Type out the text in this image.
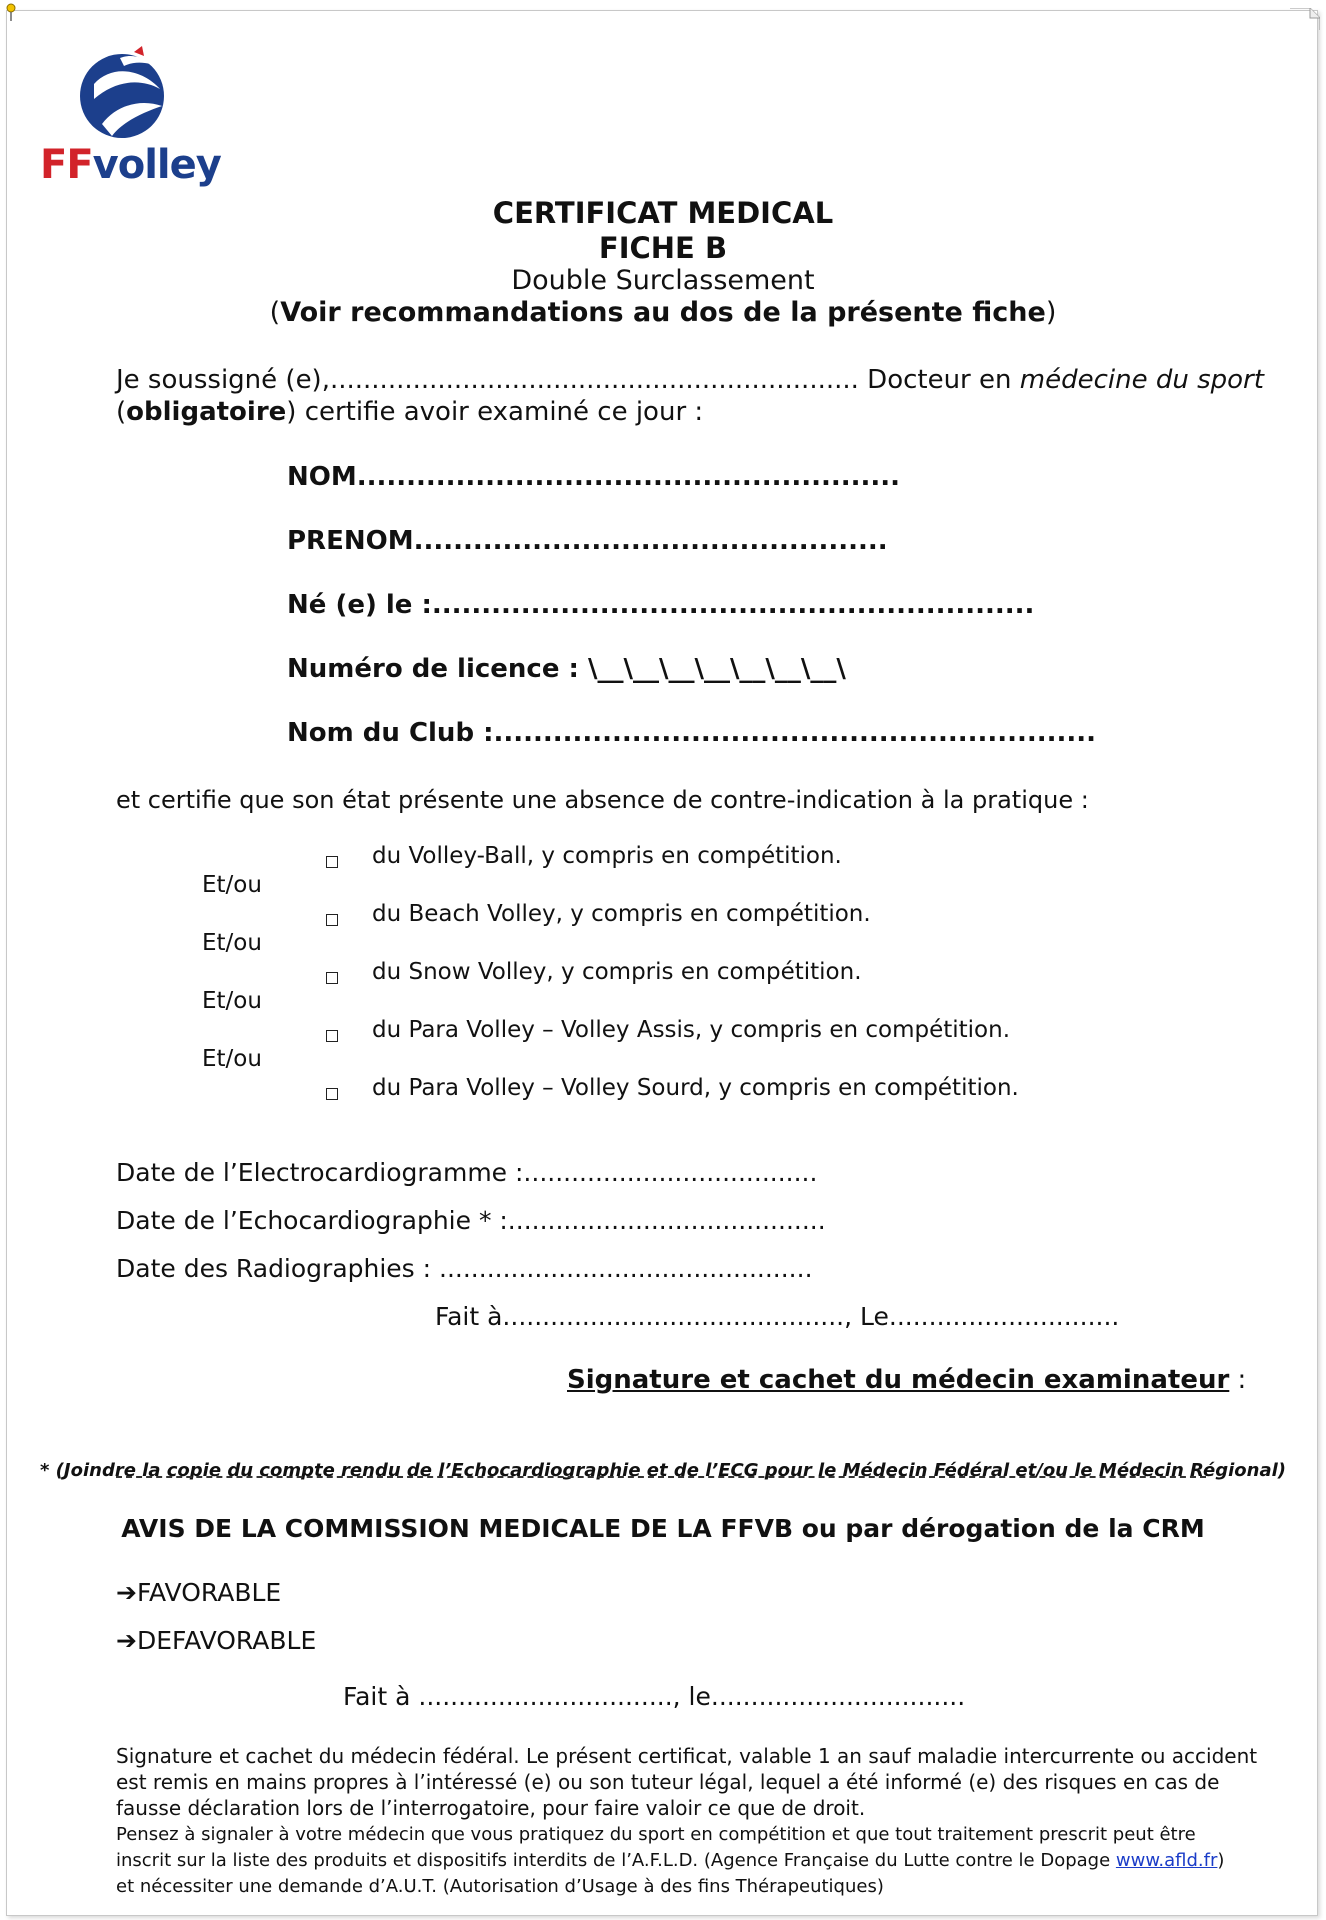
FFvolley
CERTIFICAT MEDICAL
FICHE B
Double Surclassement
(Voir recommandations au dos de la présente fiche)
Je soussigné (e),................................................................ Docteur en médecine du sport
(obligatoire) certifie avoir examiné ce jour :
NOM.......................................................
PRENOM................................................
Né (e) le :.............................................................
Numéro de licence : \__\__\__\__\__\__\__\
Nom du Club :.............................................................
et certifie que son état présente une absence de contre-indication à la pratique :
du Volley-Ball, y compris en compétition.
Et/ou
du Beach Volley, y compris en compétition.
Et/ou
du Snow Volley, y compris en compétition.
Et/ou
du Para Volley – Volley Assis, y compris en compétition.
Et/ou
du Para Volley – Volley Sourd, y compris en compétition.
Date de l’Electrocardiogramme :.....................................
Date de l’Echocardiographie * :........................................
Date des Radiographies : ...............................................
Fait à..........................................., Le.............................
Signature et cachet du médecin examinateur :
* (Joindre la copie du compte rendu de l’Echocardiographie et de l’ECG pour le Médecin Fédéral et/ou le Médecin Régional)
AVIS DE LA COMMISSION MEDICALE DE LA FFVB ou par dérogation de la CRM
➔FAVORABLE
➔DEFAVORABLE
Fait à ................................, le................................
Signature et cachet du médecin fédéral. Le présent certificat, valable 1 an sauf maladie intercurrente ou accident
est remis en mains propres à l’intéressé (e) ou son tuteur légal, lequel a été informé (e) des risques en cas de
fausse déclaration lors de l’interrogatoire, pour faire valoir ce que de droit.
Pensez à signaler à votre médecin que vous pratiquez du sport en compétition et que tout traitement prescrit peut être
inscrit sur la liste des produits et dispositifs interdits de l’A.F.L.D. (Agence Française du Lutte contre le Dopage www.afld.fr)
et nécessiter une demande d’A.U.T. (Autorisation d’Usage à des fins Thérapeutiques)
